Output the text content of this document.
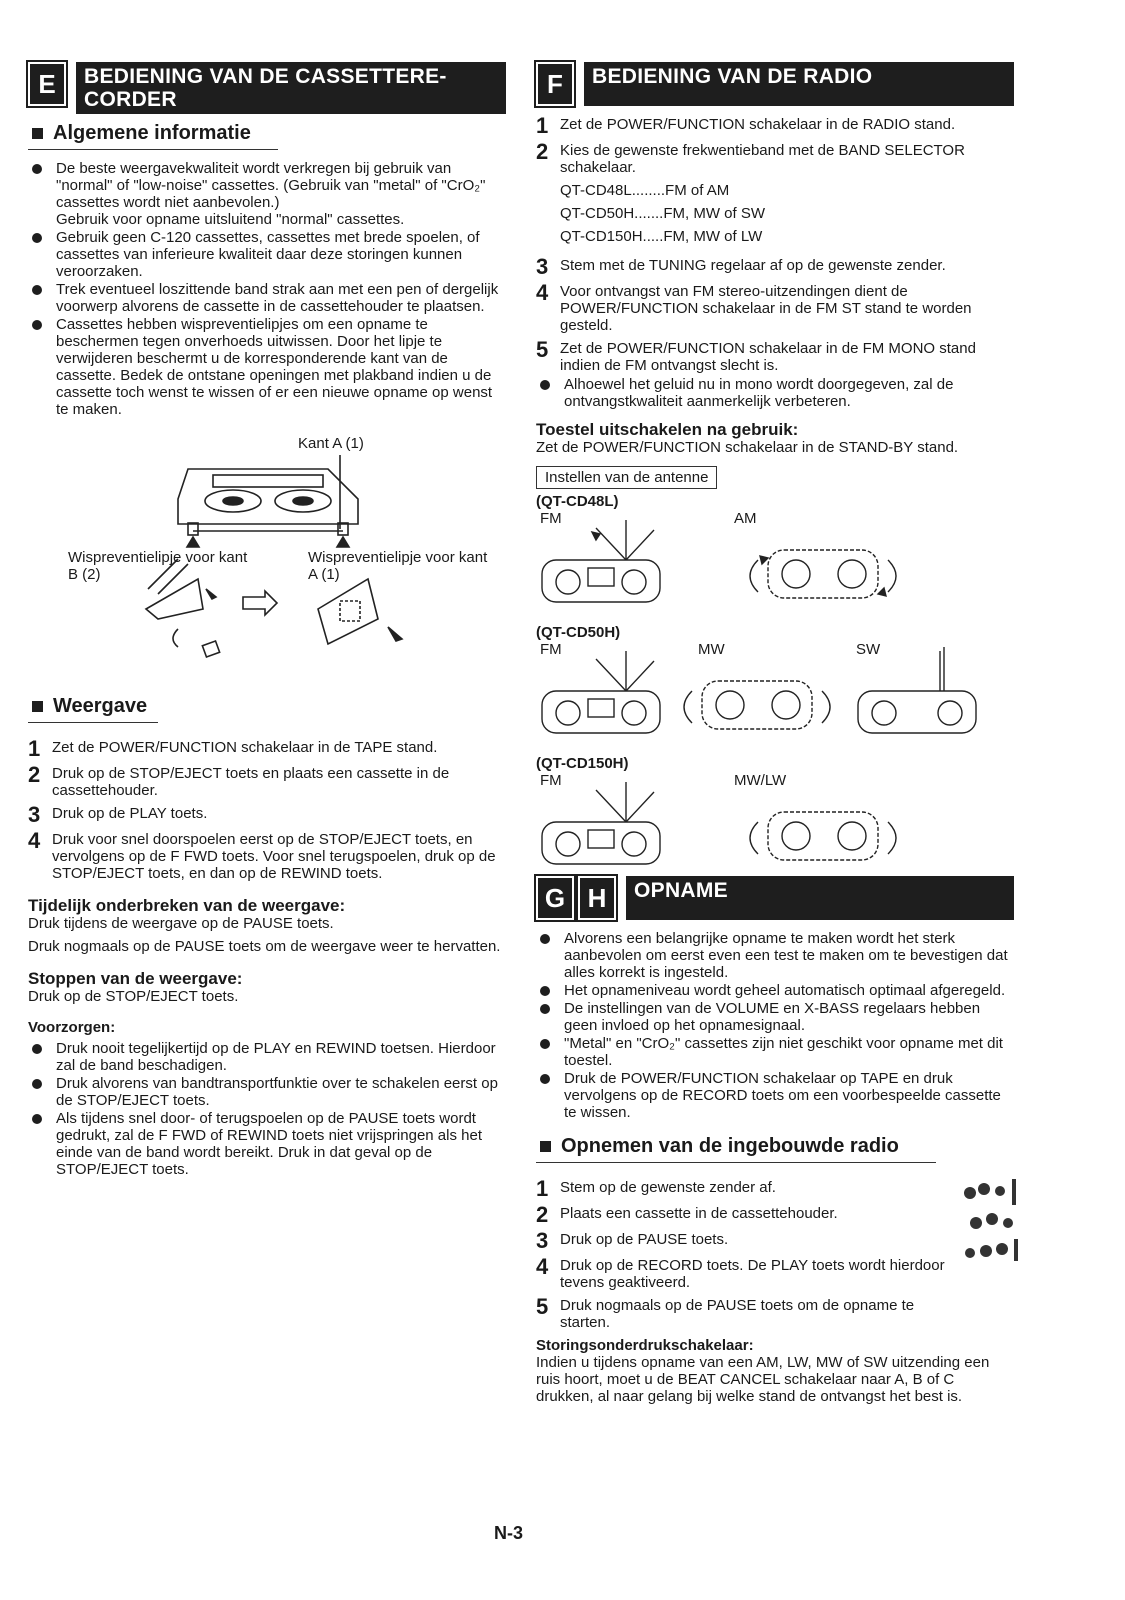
E	BEDIENING VAN DE CASSETTERE-CORDER
Algemene informatie
De beste weergavekwaliteit wordt verkregen bij gebruik van "normal" of "low-noise" cassettes. (Gebruik van "metal" of "CrO₂" cassettes wordt niet aanbevolen.)
Gebruik voor opname uitsluitend "normal" cassettes.
Gebruik geen C-120 cassettes, cassettes met brede spoelen, of cassettes van inferieure kwaliteit daar deze storingen kunnen veroorzaken.
Trek eventueel loszittende band strak aan met een pen of dergelijk voorwerp alvorens de cassette in de cassettehouder te plaatsen.
Cassettes hebben wispreventielipjes om een opname te beschermen tegen onverhoeds uitwissen. Door het lipje te verwijderen beschermt u de korresponderende kant van de cassette. Bedek de ontstane openingen met plakband indien u de cassette toch wenst te wissen of er een nieuwe opname op wenst te maken.
Kant A (1)
Wispreventielipje voor kant B (2)
Wispreventielipje voor kant A (1)
Weergave
1 Zet de POWER/FUNCTION schakelaar in de TAPE stand.
2 Druk op de STOP/EJECT toets en plaats een cassette in de cassettehouder.
3 Druk op de PLAY toets.
4 Druk voor snel doorspoelen eerst op de STOP/EJECT toets, en vervolgens op de F FWD toets. Voor snel terugspoelen, druk op de STOP/EJECT toets, en dan op de REWIND toets.
Tijdelijk onderbreken van de weergave:
Druk tijdens de weergave op de PAUSE toets.
Druk nogmaals op de PAUSE toets om de weergave weer te hervatten.
Stoppen van de weergave:
Druk op de STOP/EJECT toets.
Voorzorgen:
Druk nooit tegelijkertijd op de PLAY en REWIND toetsen. Hierdoor zal de band beschadigen.
Druk alvorens van bandtransportfunktie over te schakelen eerst op de STOP/EJECT toets.
Als tijdens snel door- of terugspoelen op de PAUSE toets wordt gedrukt, zal de F FWD of REWIND toets niet vrijspringen als het einde van de band wordt bereikt. Druk in dat geval op de STOP/EJECT toets.
F	BEDIENING VAN DE RADIO
1 Zet de POWER/FUNCTION schakelaar in de RADIO stand.
2 Kies de gewenste frekwentieband met de BAND SELECTOR schakelaar.
QT-CD48L........FM of AM
QT-CD50H.......FM, MW of SW
QT-CD150H.....FM, MW of LW
3 Stem met de TUNING regelaar af op de gewenste zender.
4 Voor ontvangst van FM stereo-uitzendingen dient de POWER/FUNCTION schakelaar in de FM ST stand te worden gesteld.
5 Zet de POWER/FUNCTION schakelaar in de FM MONO stand indien de FM ontvangst slecht is.
Alhoewel het geluid nu in mono wordt doorgegeven, zal de ontvangstkwaliteit aanmerkelijk verbeteren.
Toestel uitschakelen na gebruik:
Zet de POWER/FUNCTION schakelaar in de STAND-BY stand.
Instellen van de antenne
(QT-CD48L)
FM	AM
(QT-CD50H)
FM	MW	SW
(QT-CD150H)
FM	MW/LW
G H	OPNAME
Alvorens een belangrijke opname te maken wordt het sterk aanbevolen om eerst even een test te maken om te bevestigen dat alles korrekt is ingesteld.
Het opnameniveau wordt geheel automatisch optimaal afgeregeld.
De instellingen van de VOLUME en X-BASS regelaars hebben geen invloed op het opnamesignaal.
"Metal" en "CrO₂" cassettes zijn niet geschikt voor opname met dit toestel.
Druk de POWER/FUNCTION schakelaar op TAPE en druk vervolgens op de RECORD toets om een voorbespeelde cassette te wissen.
Opnemen van de ingebouwde radio
1 Stem op de gewenste zender af.
2 Plaats een cassette in de cassettehouder.
3 Druk op de PAUSE toets.
4 Druk op de RECORD toets. De PLAY toets wordt hierdoor tevens geaktiveerd.
5 Druk nogmaals op de PAUSE toets om de opname te starten.
Storingsonderdrukschakelaar:
Indien u tijdens opname van een AM, LW, MW of SW uitzending een ruis hoort, moet u de BEAT CANCEL schakelaar naar A, B of C drukken, al naar gelang bij welke stand de ontvangst het best is.
N-3
